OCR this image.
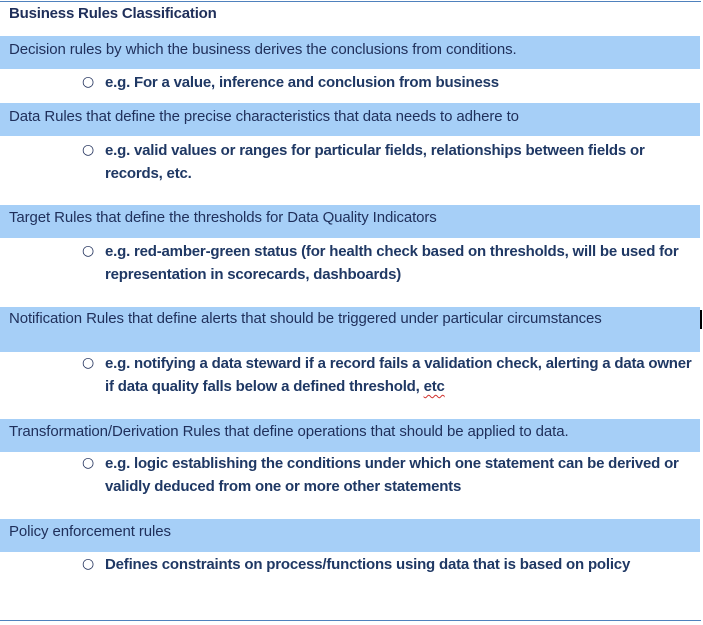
Business Rules Classification
Decision rules by which the business derives the conclusions from conditions.
○ e.g. For a value, inference and conclusion from business
Data Rules that define the precise characteristics that data needs to adhere to
○ e.g. valid values or ranges for particular fields, relationships between fields or records, etc.
Target Rules that define the thresholds for Data Quality Indicators
○ e.g. red-amber-green status (for health check based on thresholds, will be used for representation in scorecards, dashboards)
Notification Rules that define alerts that should be triggered under particular circumstances
○ e.g. notifying a data steward if a record fails a validation check, alerting a data owner if data quality falls below a defined threshold, etc
Transformation/Derivation Rules that define operations that should be applied to data.
○ e.g. logic establishing the conditions under which one statement can be derived or validly deduced from one or more other statements
Policy enforcement rules
○ Defines constraints on process/functions using data that is based on policy
